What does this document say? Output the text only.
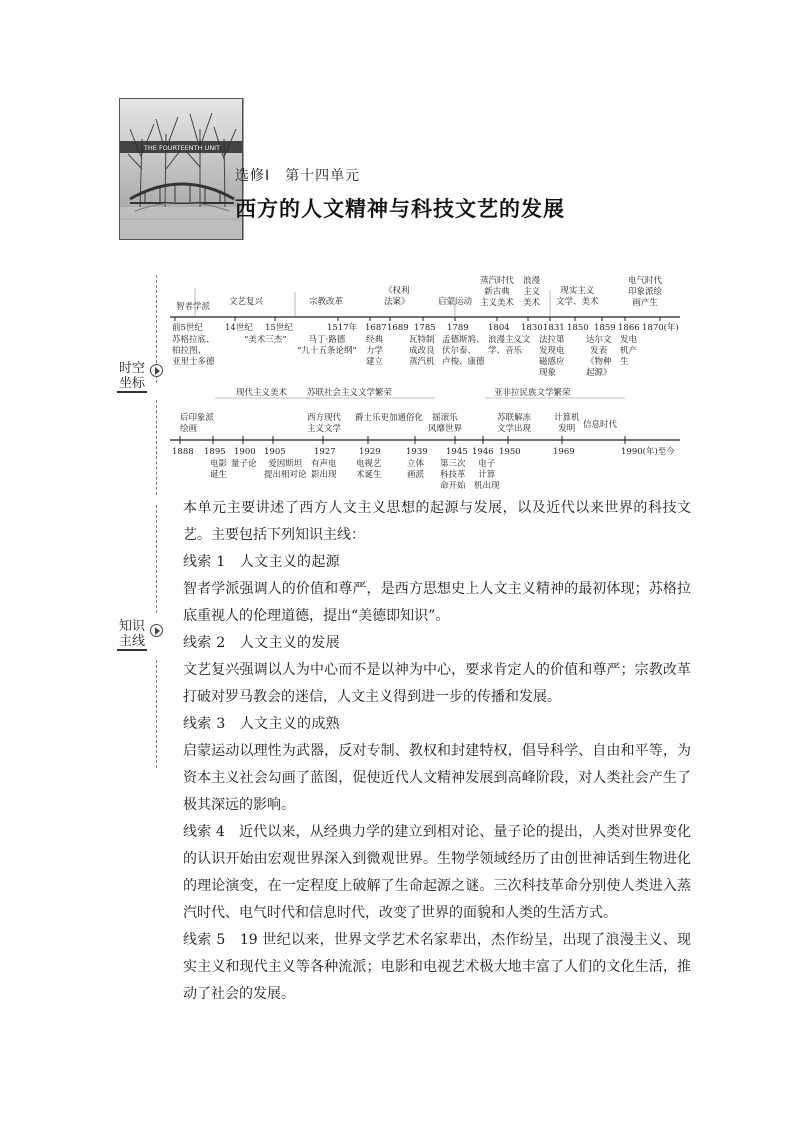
THE FOURTEENTH UNIT
选修Ⅰ　第十四单元
西方的人文精神与科技文艺的发展
时空
坐标
智者学派 文艺复兴	宗教改革
《权利
法案》	启蒙运动
蒸汽时代
新古典
主义美术
浪漫
主义
美术
现实主义
文学、美术
电气时代
印象派绘
画产生
前5世纪	14世纪 15世纪	1517年 1687 1689 1785 1789 1804 1830 1831 1850 1859 1866 1870(年)
苏格拉底、
柏拉图、
亚里士多德
“美术三杰”	马丁·路德
“九十五条论纲”
经典
力学
建立
瓦特制
成改良
蒸汽机
孟德斯鸠、
伏尔泰、
卢梭、康德
浪漫主义文
学、音乐
法拉第
发现电
磁感应
现象
达尔文
发表
《物种
起源》
发电
机产
生
现代主义美术 苏联社会主义文学繁荣	亚非拉民族文学繁荣
后印象派
绘画
西方现代
主义文学
爵士乐更加通俗化	摇滚乐
风靡世界
苏联解冻
文学出现
计算机
发明 信息时代
1888 1895 1900 1905	1927	1929	1939 1945 1946 1950	1969	1990(年)至今
电影
诞生
量子论	爱因斯坦
提出相对论
有声电
影出现
电视艺
术诞生
立体
画派
第三次
科技革
命开始
电子
计算
机出现
知识
主线

本单元主要讲述了西方人文主义思想的起源与发展，以及近代以来世界的科技文艺。主要包括下列知识主线：

线索 1　人文主义的起源

智者学派强调人的价值和尊严，是西方思想史上人文主义精神的最初体现；苏格拉底重视人的伦理道德，提出“美德即知识”。

线索 2　人文主义的发展

文艺复兴强调以人为中心而不是以神为中心，要求肯定人的价值和尊严；宗教改革打破对罗马教会的迷信，人文主义得到进一步的传播和发展。

线索 3　人文主义的成熟

启蒙运动以理性为武器，反对专制、教权和封建特权，倡导科学、自由和平等，为资本主义社会勾画了蓝图，促使近代人文精神发展到高峰阶段，对人类社会产生了极其深远的影响。

线索 4　近代以来，从经典力学的建立到相对论、量子论的提出，人类对世界变化的认识开始由宏观世界深入到微观世界。生物学领域经历了由创世神话到生物进化的理论演变，在一定程度上破解了生命起源之谜。三次科技革命分别使人类进入蒸汽时代、电气时代和信息时代，改变了世界的面貌和人类的生活方式。

线索 5　19 世纪以来，世界文学艺术名家辈出，杰作纷呈，出现了浪漫主义、现实主义和现代主义等各种流派；电影和电视艺术极大地丰富了人们的文化生活，推动了社会的发展。
